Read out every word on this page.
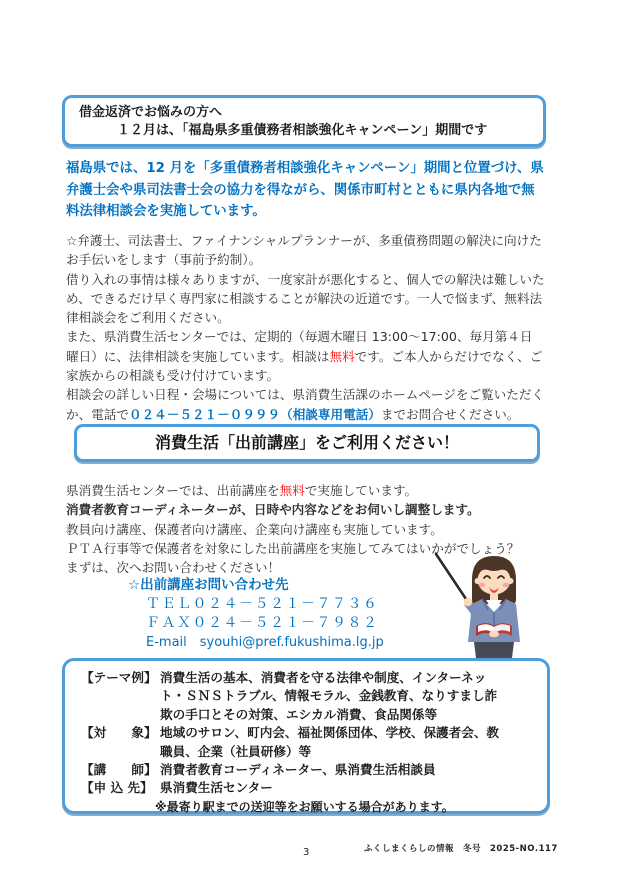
借金返済でお悩みの方へ
１２月は、「福島県多重債務者相談強化キャンペーン」期間です
福島県では、12 月を「多重債務者相談強化キャンペーン」期間と位置づけ、県
弁護士会や県司法書士会の協力を得ながら、関係市町村とともに県内各地で無
料法律相談会を実施しています。
☆弁護士、司法書士、ファイナンシャルプランナーが、多重債務問題の解決に向けた
お手伝いをします（事前予約制）。
借り入れの事情は様々ありますが、一度家計が悪化すると、個人での解決は難しいた
め、できるだけ早く専門家に相談することが解決の近道です。一人で悩まず、無料法
律相談会をご利用ください。
また、県消費生活センターでは、定期的（毎週木曜日 13:00～17:00、毎月第４日
曜日）に、法律相談を実施しています。相談は無料です。ご本人からだけでなく、ご
家族からの相談も受け付けています。
相談会の詳しい日程・会場については、県消費生活課のホームページをご覧いただく
か、電話で０２４－５２１－０９９９（相談専用電話）までお問合せください。
消費生活「出前講座」をご利用ください！
県消費生活センターでは、出前講座を無料で実施しています。
消費者教育コーディネーターが、日時や内容などをお伺いし調整します。
教員向け講座、保護者向け講座、企業向け講座も実施しています。
ＰＴＡ行事等で保護者を対象にした出前講座を実施してみてはいかがでしょう？
まずは、次へお問い合わせください！
☆出前講座お問い合わせ先
ＴＥＬ０２４－５２１－７７３６
ＦＡＸ０２４－５２１－７９８２
E-mail　syouhi@pref.fukushima.lg.jp
【テーマ例】 消費生活の基本、消費者を守る法律や制度、インターネッ
ト・ＳＮＳトラブル、情報モラル、金銭教育、なりすまし詐
欺の手口とその対策、エシカル消費、食品関係等
【対　　象】 地域のサロン、町内会、福祉関係団体、学校、保護者会、教
職員、企業（社員研修）等
【講　　師】 消費者教育コーディネーター、県消費生活相談員
【申 込 先】 県消費生活センター
※最寄り駅までの送迎等をお願いする場合があります。
3	ふくしまくらしの情報　冬号　2025-NO.117
